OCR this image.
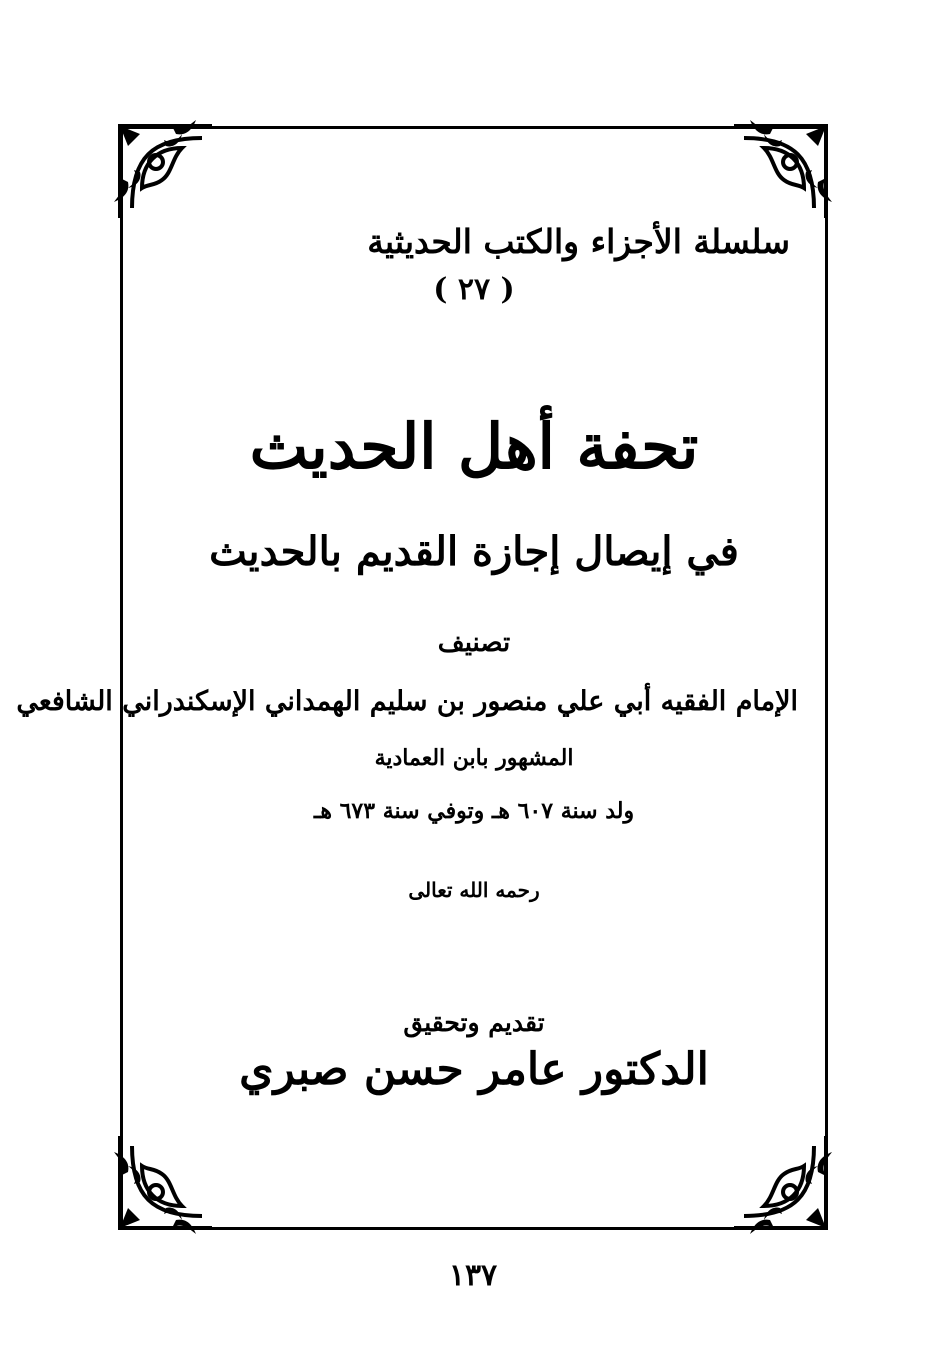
سلسلة الأجزاء والكتب الحديثية
( ٢٧ )
تحفة أهل الحديث
في إيصال إجازة القديم بالحديث
تصنيف
الإمام الفقيه أبي علي منصور بن سليم الهمداني الإسكندراني الشافعي
المشهور بابن العمادية
ولد سنة ٦٠٧ هـ وتوفي سنة ٦٧٣ هـ
رحمه الله تعالى
تقديم وتحقيق
الدكتور عامر حسن صبري
١٣٧
